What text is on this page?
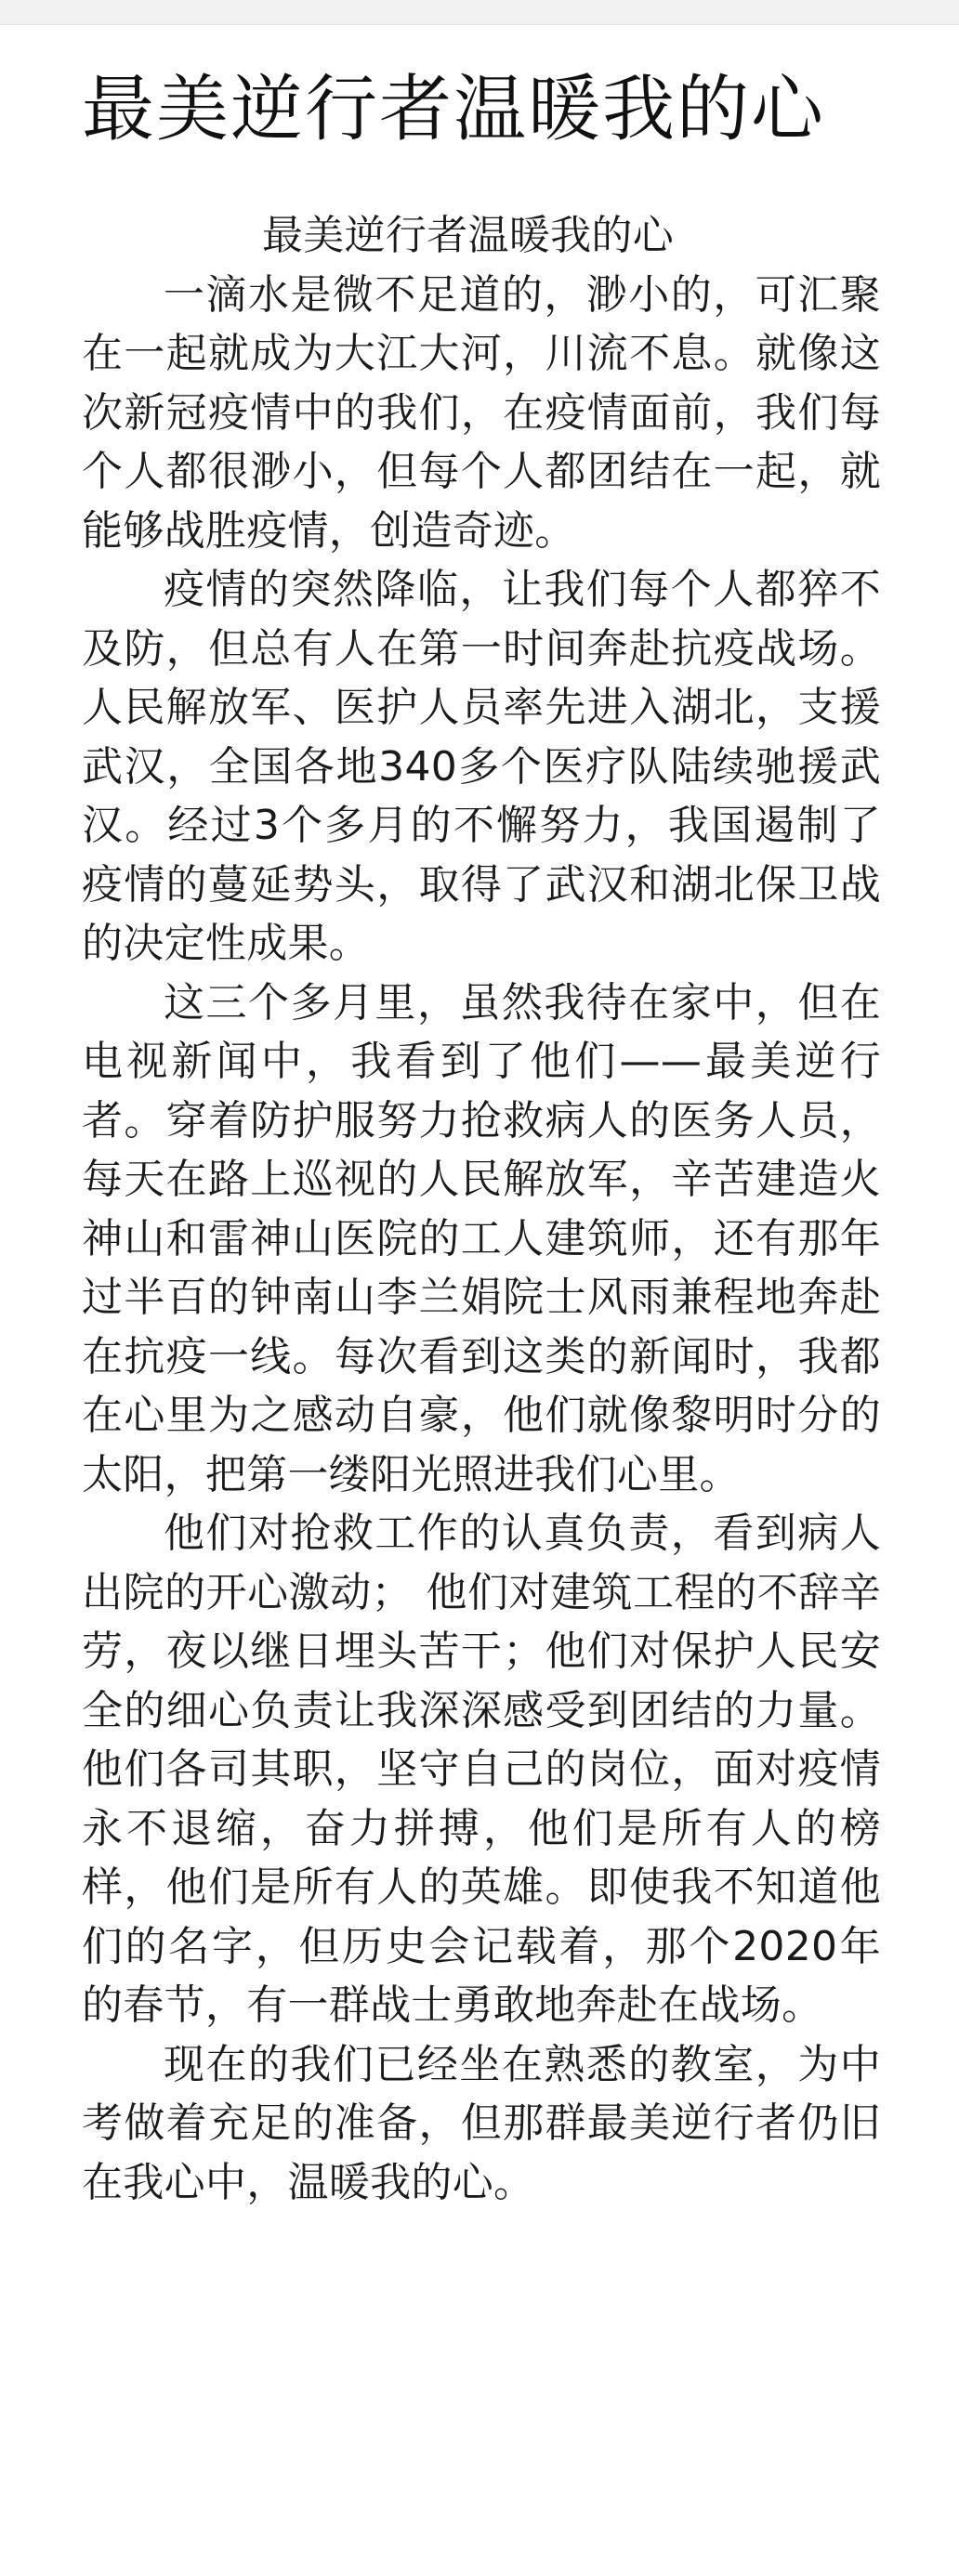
最美逆行者温暖我的心

最美逆行者温暖我的心

一滴水是微不足道的，渺小的，可汇聚在一起就成为大江大河，川流不息。就像这次新冠疫情中的我们，在疫情面前，我们每个人都很渺小，但每个人都团结在一起，就能够战胜疫情，创造奇迹。

疫情的突然降临，让我们每个人都猝不及防，但总有人在第一时间奔赴抗疫战场。人民解放军、医护人员率先进入湖北，支援武汉，全国各地340多个医疗队陆续驰援武汉。经过3个多月的不懈努力，我国遏制了疫情的蔓延势头，取得了武汉和湖北保卫战的决定性成果。

这三个多月里，虽然我待在家中，但在电视新闻中，我看到了他们——最美逆行者。穿着防护服努力抢救病人的医务人员，每天在路上巡视的人民解放军，辛苦建造火神山和雷神山医院的工人建筑师，还有那年过半百的钟南山李兰娟院士风雨兼程地奔赴在抗疫一线。每次看到这类的新闻时，我都在心里为之感动自豪，他们就像黎明时分的太阳，把第一缕阳光照进我们心里。

他们对抢救工作的认真负责，看到病人出院的开心激动； 他们对建筑工程的不辞辛劳，夜以继日埋头苦干；他们对保护人民安全的细心负责让我深深感受到团结的力量。他们各司其职，坚守自己的岗位，面对疫情永不退缩，奋力拼搏，他们是所有人的榜样，他们是所有人的英雄。即使我不知道他们的名字，但历史会记载着，那个2020年的春节，有一群战士勇敢地奔赴在战场。

现在的我们已经坐在熟悉的教室，为中考做着充足的准备，但那群最美逆行者仍旧在我心中，温暖我的心。
